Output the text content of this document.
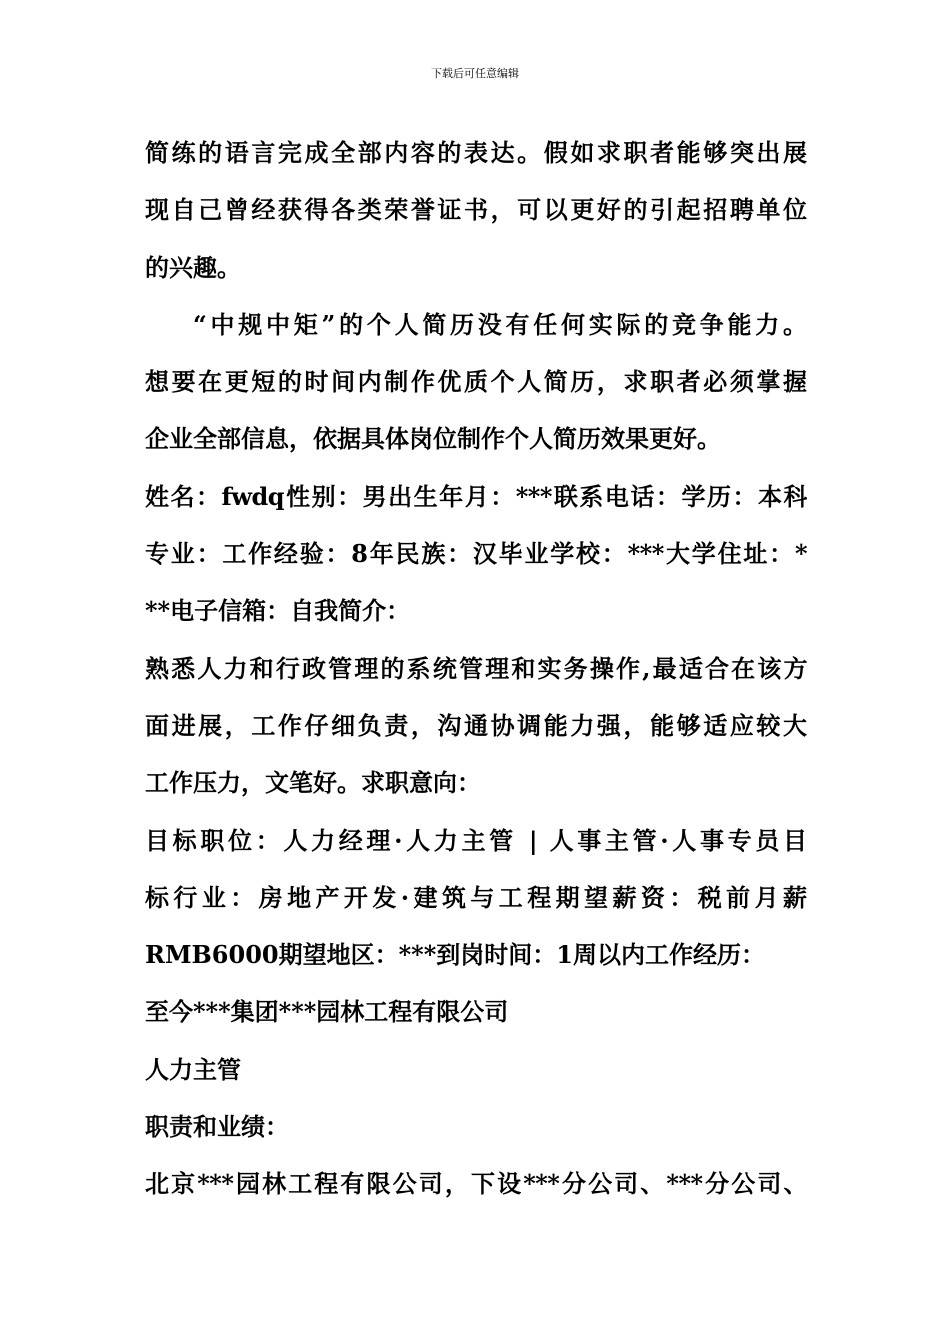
下载后可任意编辑
简练的语言完成全部内容的表达。假如求职者能够突出展
现自己曾经获得各类荣誉证书，可以更好的引起招聘单位
的兴趣。
“中规中矩”的个人简历没有任何实际的竞争能力。
想要在更短的时间内制作优质个人简历，求职者必须掌握
企业全部信息，依据具体岗位制作个人简历效果更好。
姓名：fwdq性别：男出生年月：***联系电话：学历：本科
专业：工作经验：8年民族：汉毕业学校：***大学住址：*
**电子信箱：自我简介：
熟悉人力和行政管理的系统管理和实务操作,最适合在该方
面进展，工作仔细负责，沟通协调能力强，能够适应较大
工作压力，文笔好。求职意向：
目标职位：人力经理·人力主管 | 人事主管·人事专员目
标行业：房地产开发·建筑与工程期望薪资：税前月薪
RMB6000期望地区：***到岗时间：1周以内工作经历：
至今***集团***园林工程有限公司
人力主管
职责和业绩：
北京***园林工程有限公司，下设***分公司、***分公司、
